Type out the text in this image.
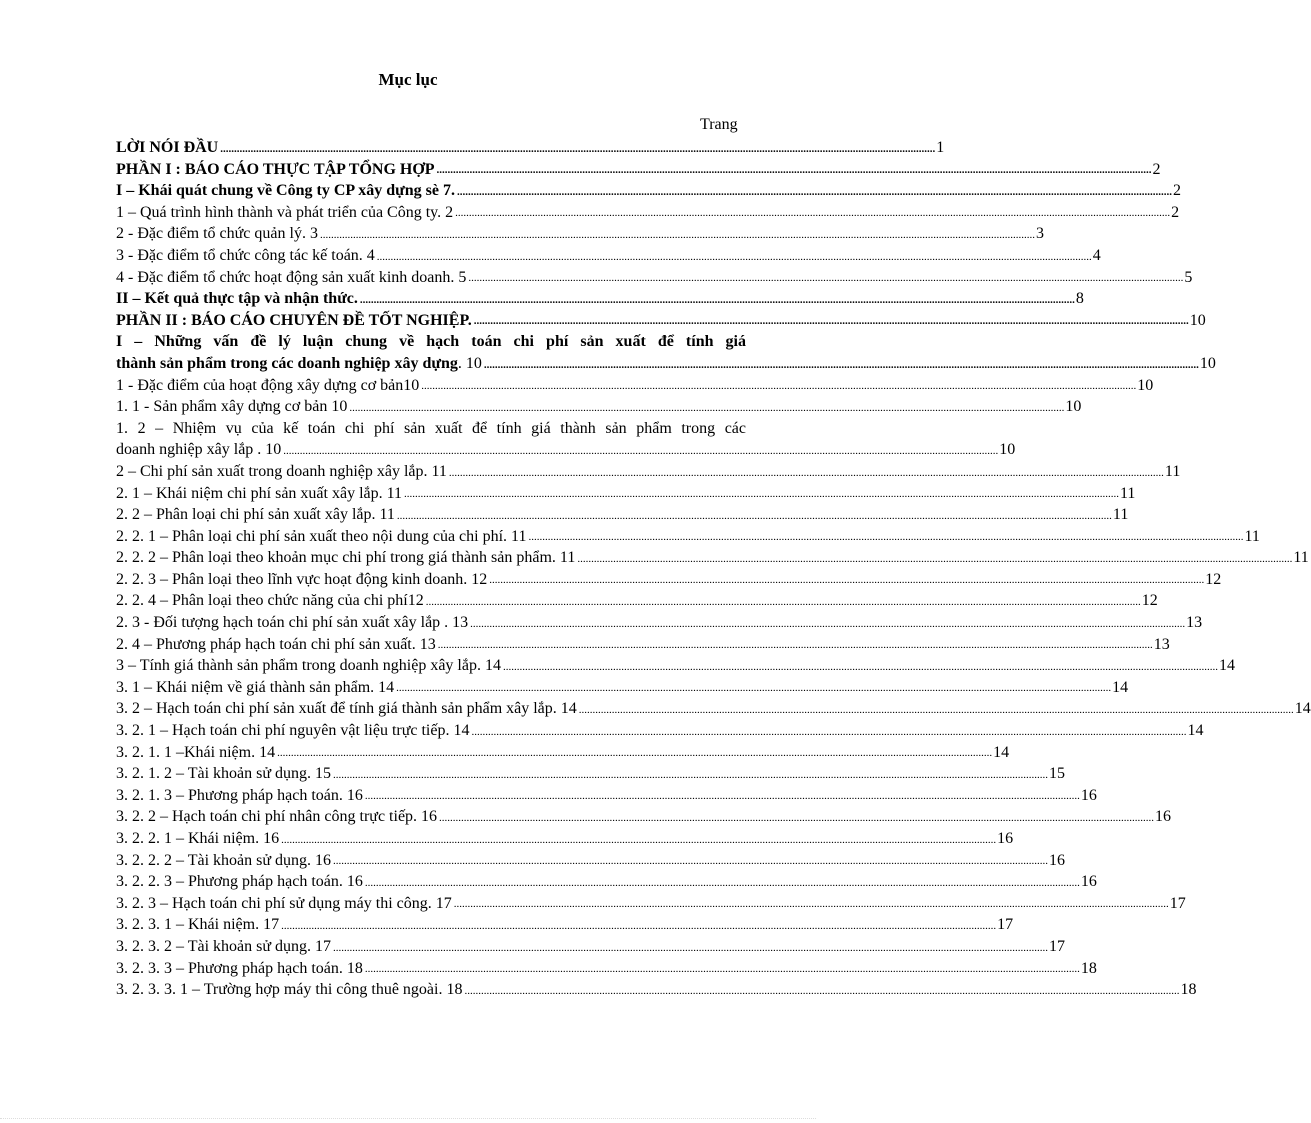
Mục lục
Trang
LỜI NÓI ĐẦU .................................................................................................................................................................................................................................................................... 1
PHẦN I : BÁO CÁO THỰC TẬP TỔNG HỢP .................................................................................................................................................................................................................................................................... 2
I – Khái quát chung về Công ty CP xây dựng sè 7. .................................................................................................................................................................................................................................................................... 2
1 – Quá trình hình thành và phát triển của Công ty. 2 .................................................................................................................................................................................................................................................................... 2
2 - Đặc điểm tổ chức quản lý. 3 .................................................................................................................................................................................................................................................................... 3
3 - Đặc điểm tổ chức công tác kế toán. 4 .................................................................................................................................................................................................................................................................... 4
4 - Đặc điểm tổ chức hoạt động sản xuất kinh doanh. 5 .................................................................................................................................................................................................................................................................... 5
II – Kết quả thực tập và nhận thức. .................................................................................................................................................................................................................................................................... 8
PHẦN II : BÁO CÁO CHUYÊN ĐỀ TỐT NGHIỆP. .................................................................................................................................................................................................................................................................... 10
I – Những vấn đề lý luận chung về hạch toán chi phí sản xuất để tính giá
thành sản phẩm trong các doanh nghiệp xây dựng . 10 .................................................................................................................................................................................................................................................................... 10
1 - Đặc điểm của hoạt động xây dựng cơ bản10 .................................................................................................................................................................................................................................................................... 10
1. 1 - Sản phẩm xây dựng cơ bản 10 .................................................................................................................................................................................................................................................................... 10
1. 2 – Nhiệm vụ của kế toán chi phí sản xuất để tính giá thành sản phẩm trong các
doanh nghiệp xây lắp . 10 .................................................................................................................................................................................................................................................................... 10
2 – Chi phí sản xuất trong doanh nghiệp xây lắp. 11 .................................................................................................................................................................................................................................................................... 11
2. 1 – Khái niệm chi phí sản xuất xây lắp. 11 .................................................................................................................................................................................................................................................................... 11
2. 2 – Phân loại chi phí sản xuất xây lắp. 11 .................................................................................................................................................................................................................................................................... 11
2. 2. 1 – Phân loại chi phí sản xuất theo nội dung của chi phí. 11 .................................................................................................................................................................................................................................................................... 11
2. 2. 2 – Phân loại theo khoản mục chi phí trong giá thành sản phẩm. 11 .................................................................................................................................................................................................................................................................... 11
2. 2. 3 – Phân loại theo lĩnh vực hoạt động kinh doanh. 12 .................................................................................................................................................................................................................................................................... 12
2. 2. 4 – Phân loại theo chức năng của chi phí12 .................................................................................................................................................................................................................................................................... 12
2. 3 - Đối tượng hạch toán chi phí sản xuất xây lắp . 13 .................................................................................................................................................................................................................................................................... 13
2. 4 – Phương pháp hạch toán chi phí sản xuất. 13 .................................................................................................................................................................................................................................................................... 13
3 – Tính giá thành sản phẩm trong doanh nghiệp xây lắp. 14 .................................................................................................................................................................................................................................................................... 14
3. 1 – Khái niệm về giá thành sản phẩm. 14 .................................................................................................................................................................................................................................................................... 14
3. 2 – Hạch toán chi phí sản xuất để tính giá thành sản phẩm xây lắp. 14 .................................................................................................................................................................................................................................................................... 14
3. 2. 1 – Hạch toán chi phí nguyên vật liệu trực tiếp. 14 .................................................................................................................................................................................................................................................................... 14
3. 2. 1. 1 –Khái niệm. 14 .................................................................................................................................................................................................................................................................... 14
3. 2. 1. 2 – Tài khoản sử dụng. 15 .................................................................................................................................................................................................................................................................... 15
3. 2. 1. 3 – Phương pháp hạch toán. 16 .................................................................................................................................................................................................................................................................... 16
3. 2. 2 – Hạch toán chi phí nhân công trực tiếp. 16 .................................................................................................................................................................................................................................................................... 16
3. 2. 2. 1 – Khái niệm. 16 .................................................................................................................................................................................................................................................................... 16
3. 2. 2. 2 – Tài khoản sử dụng. 16 .................................................................................................................................................................................................................................................................... 16
3. 2. 2. 3 – Phương pháp hạch toán. 16 .................................................................................................................................................................................................................................................................... 16
3. 2. 3 – Hạch toán chi phí sử dụng máy thi công. 17 .................................................................................................................................................................................................................................................................... 17
3. 2. 3. 1 – Khái niệm. 17 .................................................................................................................................................................................................................................................................... 17
3. 2. 3. 2 – Tài khoản sử dụng. 17 .................................................................................................................................................................................................................................................................... 17
3. 2. 3. 3 – Phương pháp hạch toán. 18 .................................................................................................................................................................................................................................................................... 18
3. 2. 3. 3. 1 – Trường hợp máy thi công thuê ngoài. 18 .................................................................................................................................................................................................................................................................... 18
